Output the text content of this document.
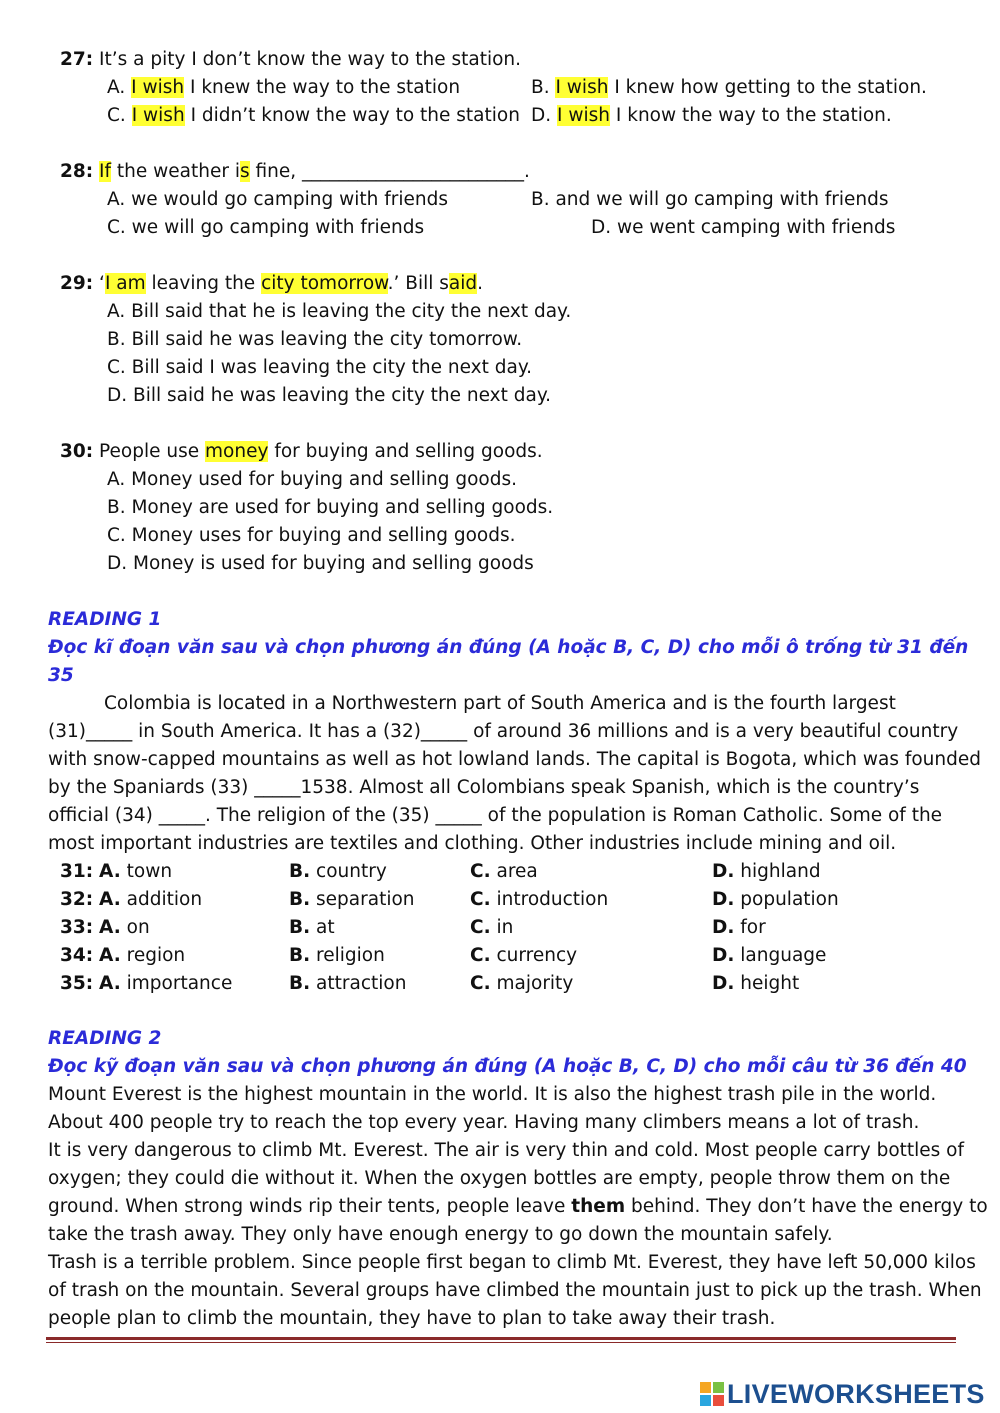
27: It’s a pity I don’t know the way to the station.
A. I wish I knew the way to the station	B. I wish I knew how getting to the station.
C. I wish I didn’t know the way to the station D. I wish I know the way to the station.
28: If the weather is fine, ________________________.
A. we would go camping with friends	B. and we will go camping with friends
C. we will go camping with friends	D. we went camping with friends
29: ‘I am leaving the city tomorrow.’ Bill said.
A. Bill said that he is leaving the city the next day.
B. Bill said he was leaving the city tomorrow.
C. Bill said I was leaving the city the next day.
D. Bill said he was leaving the city the next day.
30: People use money for buying and selling goods.
A. Money used for buying and selling goods.
B. Money are used for buying and selling goods.
C. Money uses for buying and selling goods.
D. Money is used for buying and selling goods
READING 1
Đọc kĩ đoạn văn sau và chọn phương án đúng (A hoặc B, C, D) cho mỗi ô trống từ 31 đến
35
Colombia is located in a Northwestern part of South America and is the fourth largest
(31)_____ in South America. It has a (32)_____ of around 36 millions and is a very beautiful country
with snow-capped mountains as well as hot lowland lands. The capital is Bogota, which was founded
by the Spaniards (33) _____1538. Almost all Colombians speak Spanish, which is the country’s
official (34) _____. The religion of the (35) _____ of the population is Roman Catholic. Some of the
most important industries are textiles and clothing. Other industries include mining and oil.
31: A. town	B. country	C. area	D. highland
32: A. addition	B. separation	C. introduction	D. population
33: A. on	B. at	C. in	D. for
34: A. region	B. religion	C. currency	D. language
35: A. importance	B. attraction	C. majority	D. height
READING 2
Đọc kỹ đoạn văn sau và chọn phương án đúng (A hoặc B, C, D) cho mỗi câu từ 36 đến 40
Mount Everest is the highest mountain in the world. It is also the highest trash pile in the world.
About 400 people try to reach the top every year. Having many climbers means a lot of trash.
It is very dangerous to climb Mt. Everest. The air is very thin and cold. Most people carry bottles of
oxygen; they could die without it. When the oxygen bottles are empty, people throw them on the
ground. When strong winds rip their tents, people leave them behind. They don’t have the energy to
take the trash away. They only have enough energy to go down the mountain safely.
Trash is a terrible problem. Since people first began to climb Mt. Everest, they have left 50,000 kilos
of trash on the mountain. Several groups have climbed the mountain just to pick up the trash. When
people plan to climb the mountain, they have to plan to take away their trash.
LIVEWORKSHEETS
